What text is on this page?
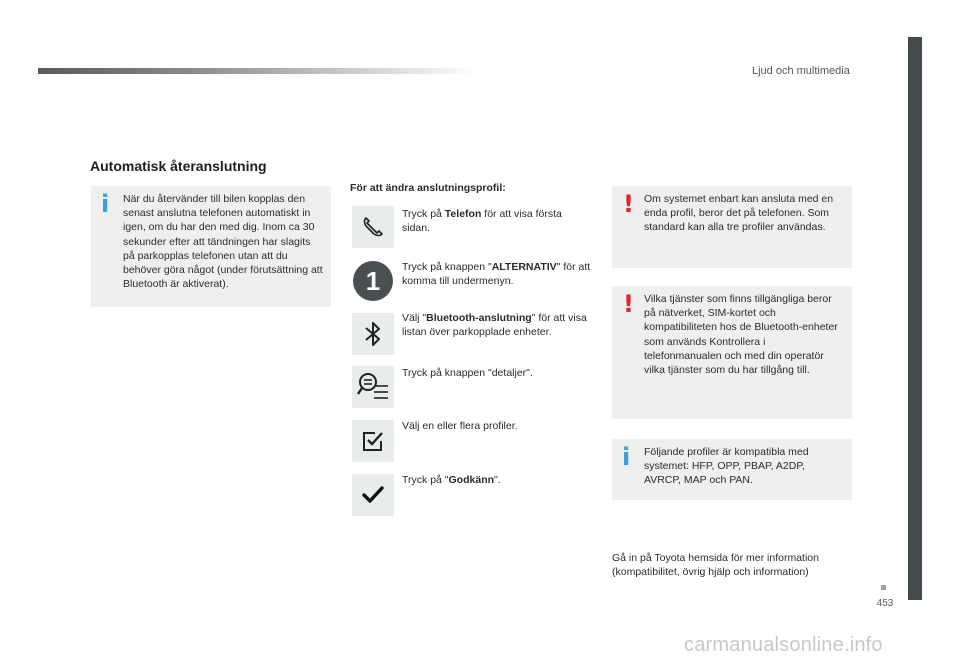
Ljud och multimedia
453
Automatisk återanslutning
i När du återvänder till bilen kopplas den senast anslutna telefonen automatiskt in igen, om du har den med dig. Inom ca 30 sekunder efter att tändningen har slagits på parkopplas telefonen utan att du behöver göra något (under förutsättning att Bluetooth är aktiverat).
För att ändra anslutningsprofil:
Tryck på Telefon för att visa första sidan.
1	Tryck på knappen "ALTERNATIV" för att komma till undermenyn.
Välj "Bluetooth-anslutning" för att visa listan över parkopplade enheter.
Tryck på knappen "detaljer".
Välj en eller flera profiler.
Tryck på "Godkänn".
! Om systemet enbart kan ansluta med en enda profil, beror det på telefonen. Som standard kan alla tre profiler användas.
! Vilka tjänster som finns tillgängliga beror på nätverket, SIM-kortet och kompatibiliteten hos de Bluetooth-enheter som används Kontrollera i telefonmanualen och med din operatör vilka tjänster som du har tillgång till.
i Följande profiler är kompatibla med systemet: HFP, OPP, PBAP, A2DP, AVRCP, MAP och PAN.
Gå in på Toyota hemsida för mer information (kompatibilitet, övrig hjälp och information)
carmanualsonline.info
